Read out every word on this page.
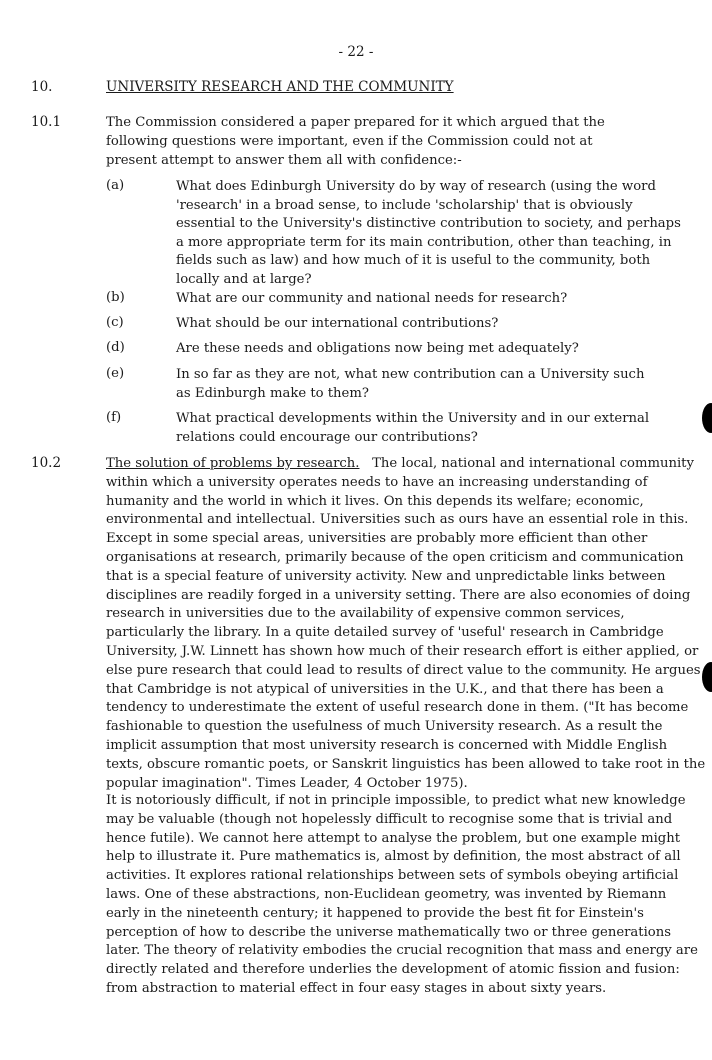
- 22 -
10.	UNIVERSITY RESEARCH AND THE COMMUNITY
10.1	The Commission considered a paper prepared for it which argued that the following questions were important, even if the Commission could not at present attempt to answer them all with confidence:-
(a)	What does Edinburgh University do by way of research (using the word 'research' in a broad sense, to include 'scholarship' that is obviously essential to the University's distinctive contribution to society, and perhaps a more appropriate term for its main contribution, other than teaching, in fields such as law) and how much of it is useful to the community, both locally and at large?
(b)	What are our community and national needs for research?
(c)	What should be our international contributions?
(d)	Are these needs and obligations now being met adequately?
(e)	In so far as they are not, what new contribution can a University such as Edinburgh make to them?
(f)	What practical developments within the University and in our external relations could encourage our contributions?
10.2	The solution of problems by research. The local, national and international community within which a university operates needs to have an increasing understanding of humanity and the world in which it lives. On this depends its welfare; economic, environmental and intellectual. Universities such as ours have an essential role in this. Except in some special areas, universities are probably more efficient than other organisations at research, primarily because of the open criticism and communication that is a special feature of university activity. New and unpredictable links between disciplines are readily forged in a university setting. There are also economies of doing research in universities due to the availability of expensive common services, particularly the library. In a quite detailed survey of 'useful' research in Cambridge University, J.W. Linnett has shown how much of their research effort is either applied, or else pure research that could lead to results of direct value to the community. He argues that Cambridge is not atypical of universities in the U.K., and that there has been a tendency to underestimate the extent of useful research done in them. ("It has become fashionable to question the usefulness of much University research. As a result the implicit assumption that most university research is concerned with Middle English texts, obscure romantic poets, or Sanskrit linguistics has been allowed to take root in the popular imagination". Times Leader, 4 October 1975).
It is notoriously difficult, if not in principle impossible, to predict what new knowledge may be valuable (though not hopelessly difficult to recognise some that is trivial and hence futile). We cannot here attempt to analyse the problem, but one example might help to illustrate it. Pure mathematics is, almost by definition, the most abstract of all activities. It explores rational relationships between sets of symbols obeying artificial laws. One of these abstractions, non-Euclidean geometry, was invented by Riemann early in the nineteenth century; it happened to provide the best fit for Einstein's perception of how to describe the universe mathematically two or three generations later. The theory of relativity embodies the crucial recognition that mass and energy are directly related and therefore underlies the development of atomic fission and fusion: from abstraction to material effect in four easy stages in about sixty years.
